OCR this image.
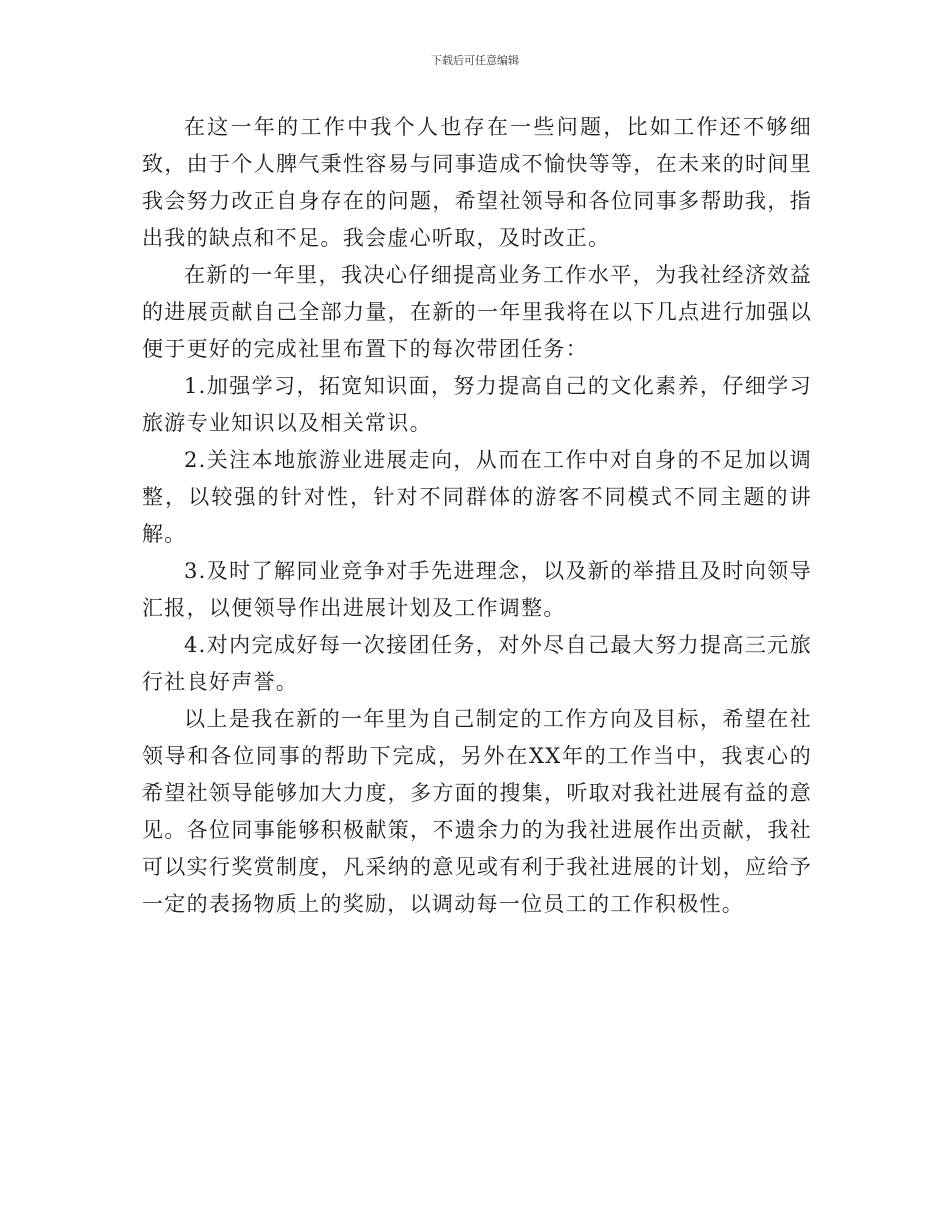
下载后可任意编辑

在这一年的工作中我个人也存在一些问题，比如工作还不够细致，由于个人脾气秉性容易与同事造成不愉快等等，在未来的时间里我会努力改正自身存在的问题，希望社领导和各位同事多帮助我，指出我的缺点和不足。我会虚心听取，及时改正。

在新的一年里，我决心仔细提高业务工作水平，为我社经济效益的进展贡献自己全部力量，在新的一年里我将在以下几点进行加强以便于更好的完成社里布置下的每次带团任务：

1.加强学习，拓宽知识面，努力提高自己的文化素养，仔细学习旅游专业知识以及相关常识。

2.关注本地旅游业进展走向，从而在工作中对自身的不足加以调整，以较强的针对性，针对不同群体的游客不同模式不同主题的讲解。

3.及时了解同业竞争对手先进理念，以及新的举措且及时向领导汇报，以便领导作出进展计划及工作调整。

4.对内完成好每一次接团任务，对外尽自己最大努力提高三元旅行社良好声誉。

以上是我在新的一年里为自己制定的工作方向及目标，希望在社领导和各位同事的帮助下完成，另外在XX年的工作当中，我衷心的希望社领导能够加大力度，多方面的搜集，听取对我社进展有益的意见。各位同事能够积极献策，不遗余力的为我社进展作出贡献，我社可以实行奖赏制度，凡采纳的意见或有利于我社进展的计划，应给予一定的表扬物质上的奖励，以调动每一位员工的工作积极性。
